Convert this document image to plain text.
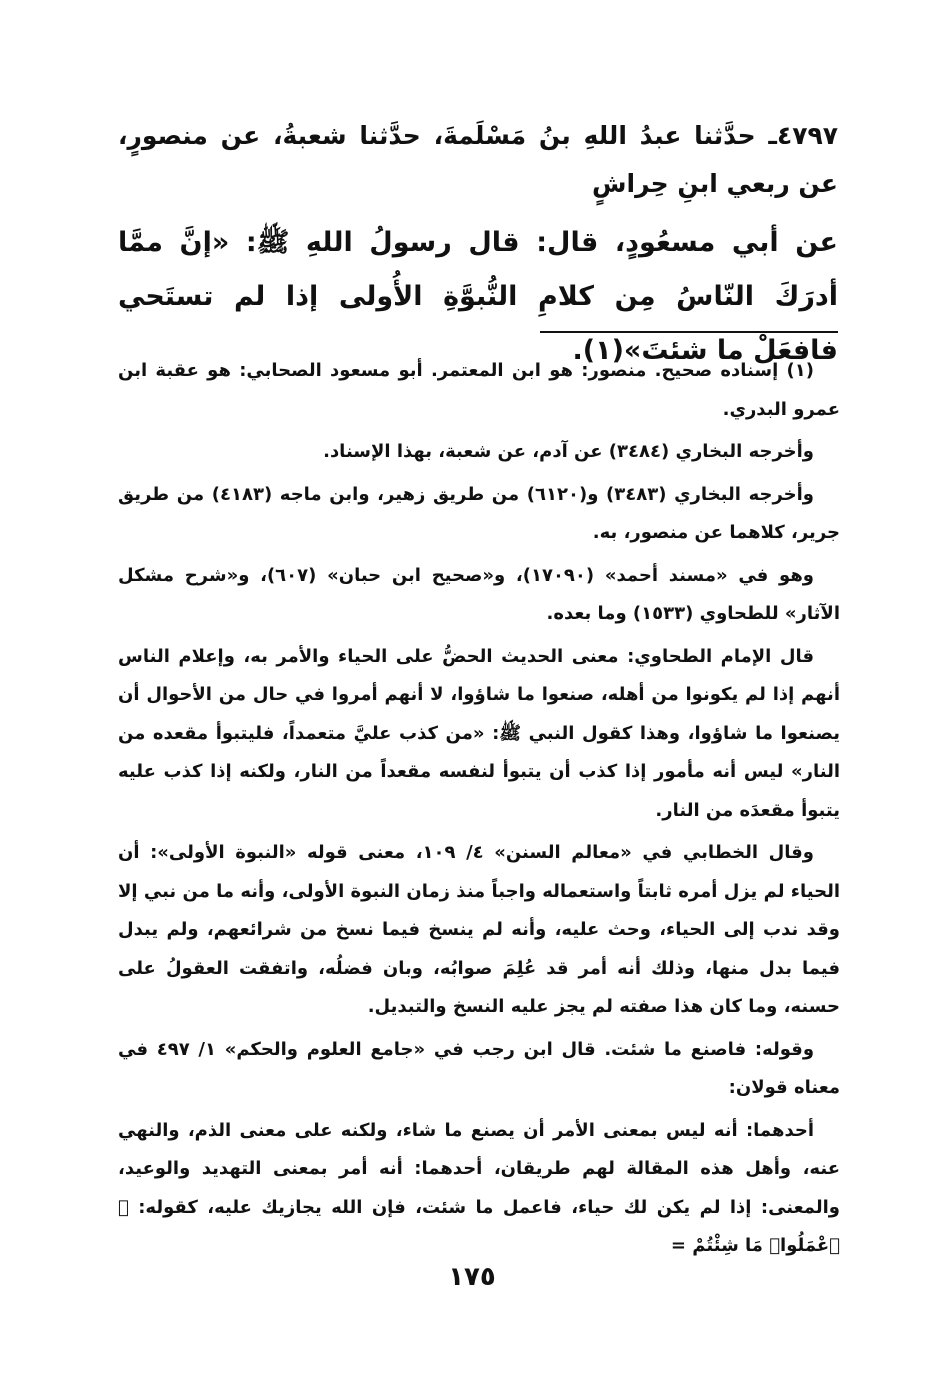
٤٧٩٧ـ حدَّثنا عبدُ اللهِ بنُ مَسْلَمةَ، حدَّثنا شعبةُ، عن منصورٍ، عن ربعي ابنِ حِراشٍ
عن أبي مسعُودٍ، قال: قال رسولُ اللهِ ﷺ: «إنَّ ممَّا أدرَكَ النّاسُ مِن كلامِ النُّبوَّةِ الأُولى إذا لم تستَحي فافعَلْ ما شئتَ»(١).

(١) إسناده صحيح. منصور: هو ابن المعتمر. أبو مسعود الصحابي: هو عقبة ابن عمرو البدري.

وأخرجه البخاري (٣٤٨٤) عن آدم، عن شعبة، بهذا الإسناد.

وأخرجه البخاري (٣٤٨٣) و(٦١٢٠) من طريق زهير، وابن ماجه (٤١٨٣) من طريق جرير، كلاهما عن منصور، به.

وهو في «مسند أحمد» (١٧٠٩٠)، و«صحيح ابن حبان» (٦٠٧)، و«شرح مشكل الآثار» للطحاوي (١٥٣٣) وما بعده.

قال الإمام الطحاوي: معنى الحديث الحضُّ على الحياء والأمر به، وإعلام الناس أنهم إذا لم يكونوا من أهله، صنعوا ما شاؤوا، لا أنهم أمروا في حال من الأحوال أن يصنعوا ما شاؤوا، وهذا كقول النبي ﷺ: «من كذب عليَّ متعمداً، فليتبوأ مقعده من النار» ليس أنه مأمور إذا كذب أن يتبوأ لنفسه مقعداً من النار، ولكنه إذا كذب عليه يتبوأ مقعدَه من النار.

وقال الخطابي في «معالم السنن» ٤/ ١٠٩، معنى قوله «النبوة الأولى»: أن الحياء لم يزل أمره ثابتاً واستعماله واجباً منذ زمان النبوة الأولى، وأنه ما من نبي إلا وقد ندب إلى الحياء، وحث عليه، وأنه لم ينسخ فيما نسخ من شرائعهم، ولم يبدل فيما بدل منها، وذلك أنه أمر قد عُلِمَ صوابُه، وبان فضلُه، واتفقت العقولُ على حسنه، وما كان هذا صفته لم يجز عليه النسخ والتبديل.

وقوله: فاصنع ما شئت. قال ابن رجب في «جامع العلوم والحكم» ١/ ٤٩٧ في معناه قولان:

أحدهما: أنه ليس بمعنى الأمر أن يصنع ما شاء، ولكنه على معنى الذم، والنهي عنه، وأهل هذه المقالة لهم طريقان، أحدهما: أنه أمر بمعنى التهديد والوعيد، والمعنى: إذا لم يكن لك حياء، فاعمل ما شئت، فإن الله يجازيك عليه، كقوله: ﴿ ٱعْمَلُوا۟ مَا شِئْتُمْ =

١٧٥
